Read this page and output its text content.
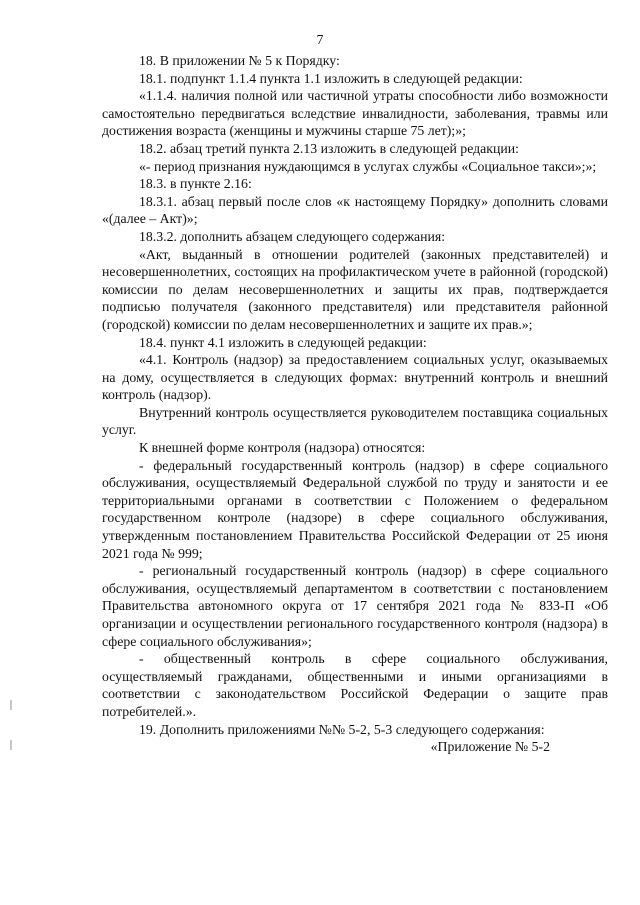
7

18. В приложении № 5 к Порядку:

18.1. подпункт 1.1.4 пункта 1.1 изложить в следующей редакции:

«1.1.4. наличия полной или частичной утраты способности либо возможности самостоятельно передвигаться вследствие инвалидности, заболевания, травмы или достижения возраста (женщины и мужчины старше 75 лет);»;

18.2. абзац третий пункта 2.13 изложить в следующей редакции:

«- период признания нуждающимся в услугах службы «Социальное такси»;»;

18.3. в пункте 2.16:

18.3.1. абзац первый после слов «к настоящему Порядку» дополнить словами «(далее – Акт)»;

18.3.2. дополнить абзацем следующего содержания:

«Акт, выданный в отношении родителей (законных представителей) и несовершеннолетних, состоящих на профилактическом учете в районной (городской) комиссии по делам несовершеннолетних и защиты их прав, подтверждается подписью получателя (законного представителя) или представителя районной (городской) комиссии по делам несовершеннолетних и защите их прав.»;

18.4. пункт 4.1 изложить в следующей редакции:

«4.1. Контроль (надзор) за предоставлением социальных услуг, оказываемых на дому, осуществляется в следующих формах: внутренний контроль и внешний контроль (надзор).

Внутренний контроль осуществляется руководителем поставщика социальных услуг.

К внешней форме контроля (надзора) относятся:

- федеральный государственный контроль (надзор) в сфере социального обслуживания, осуществляемый Федеральной службой по труду и занятости и ее территориальными органами в соответствии с Положением о федеральном государственном контроле (надзоре) в сфере социального обслуживания, утвержденным постановлением Правительства Российской Федерации от 25 июня 2021 года № 999;

- региональный государственный контроль (надзор) в сфере социального обслуживания, осуществляемый департаментом в соответствии с постановлением Правительства автономного округа от 17 сентября 2021 года № 833-П «Об организации и осуществлении регионального государственного контроля (надзора) в сфере социального обслуживания»;

- общественный контроль в сфере социального обслуживания, осуществляемый гражданами, общественными и иными организациями в соответствии с законодательством Российской Федерации о защите прав потребителей.».

19. Дополнить приложениями №№ 5-2, 5-3 следующего содержания:

«Приложение № 5-2
